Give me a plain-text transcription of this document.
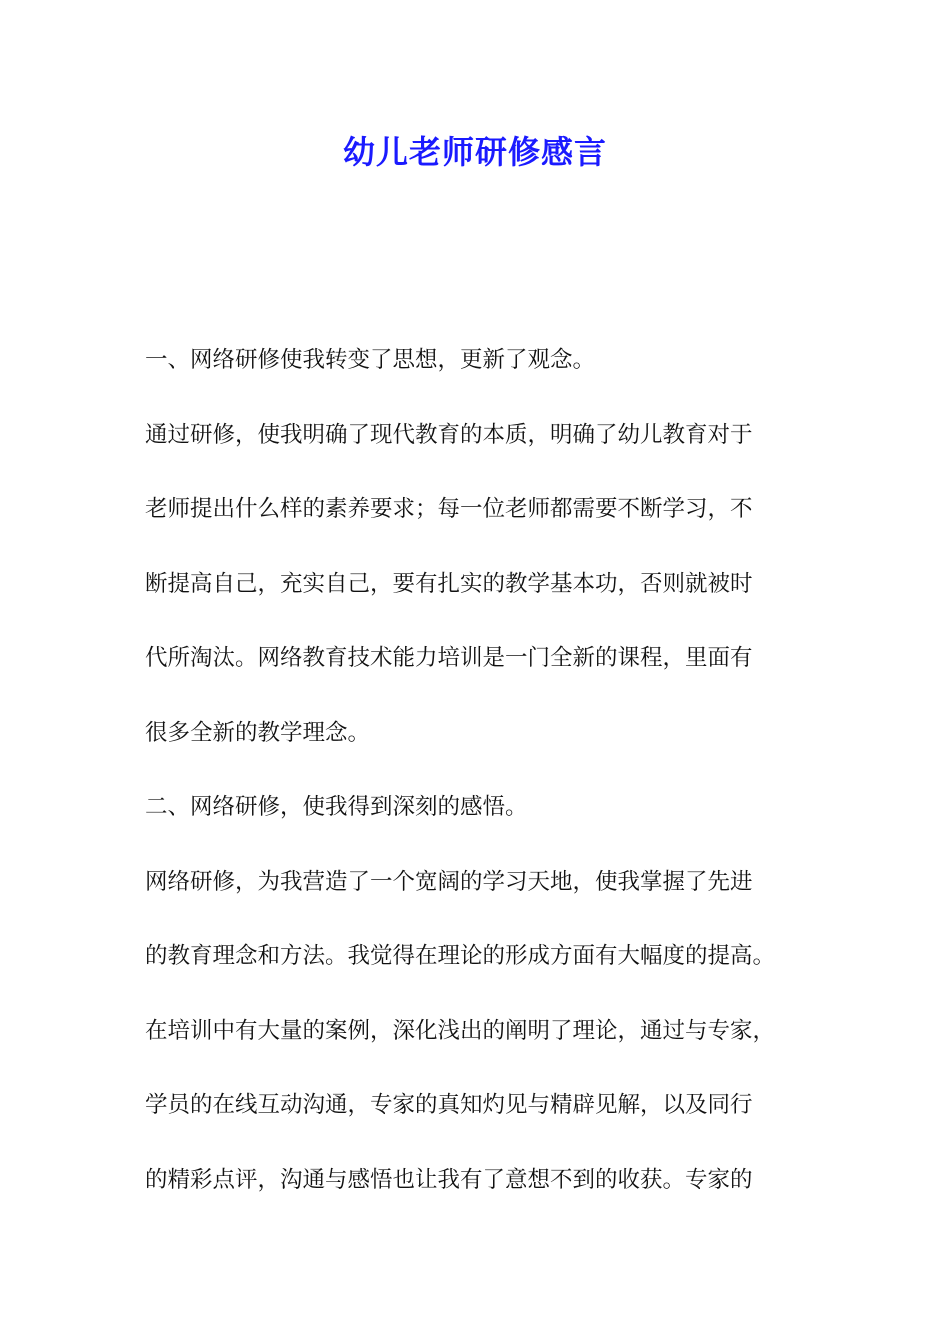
幼儿老师研修感言
一、网络研修使我转变了思想，更新了观念。
通过研修，使我明确了现代教育的本质，明确了幼儿教育对于
老师提出什么样的素养要求；每一位老师都需要不断学习，不
断提高自己，充实自己，要有扎实的教学基本功，否则就被时
代所淘汰。网络教育技术能力培训是一门全新的课程，里面有
很多全新的教学理念。
二、网络研修，使我得到深刻的感悟。
网络研修，为我营造了一个宽阔的学习天地，使我掌握了先进
的教育理念和方法。我觉得在理论的形成方面有大幅度的提高。
在培训中有大量的案例，深化浅出的阐明了理论，通过与专家，
学员的在线互动沟通，专家的真知灼见与精辟见解，以及同行
的精彩点评，沟通与感悟也让我有了意想不到的收获。专家的
